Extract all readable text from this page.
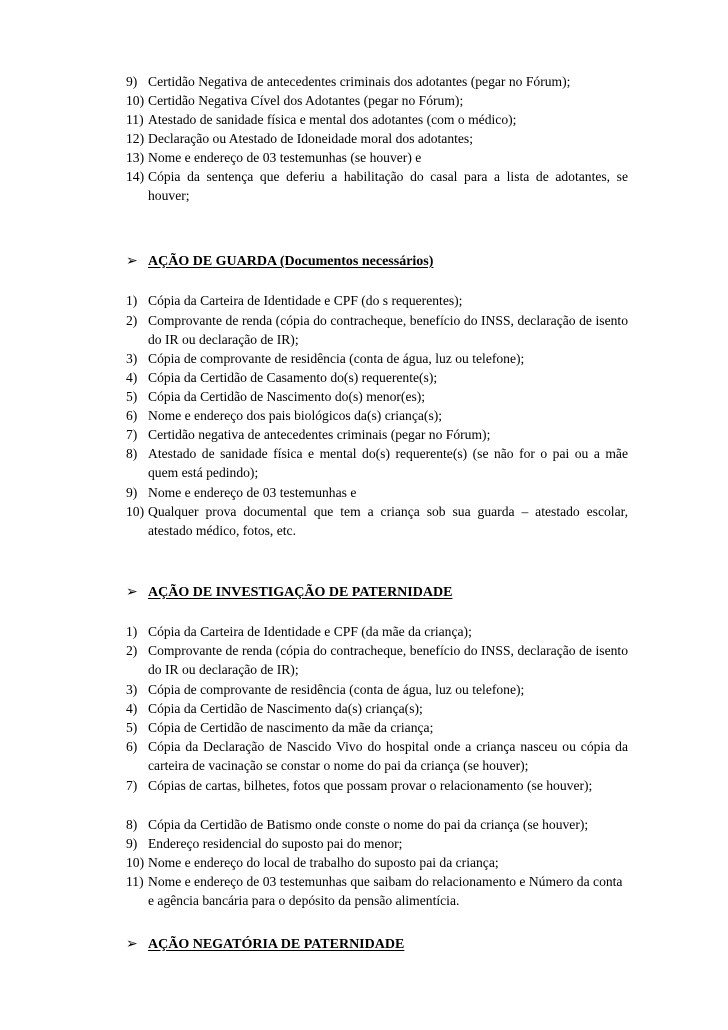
9) Certidão Negativa de antecedentes criminais dos adotantes (pegar no Fórum);
10) Certidão Negativa Cível dos Adotantes (pegar no Fórum);
11) Atestado de sanidade física e mental dos adotantes (com o médico);
12) Declaração ou Atestado de Idoneidade moral dos adotantes;
13) Nome e endereço de 03 testemunhas (se houver) e
14) Cópia da sentença que deferiu a habilitação do casal para a lista de adotantes, se houver;
➢ AÇÃO DE GUARDA (Documentos necessários)
1) Cópia da Carteira de Identidade e CPF (do s requerentes);
2) Comprovante de renda (cópia do contracheque, benefício do INSS, declaração de isento do IR ou declaração de IR);
3) Cópia de comprovante de residência (conta de água, luz ou telefone);
4) Cópia da Certidão de Casamento do(s) requerente(s);
5) Cópia da Certidão de Nascimento do(s) menor(es);
6) Nome e endereço dos pais biológicos da(s) criança(s);
7) Certidão negativa de antecedentes criminais (pegar no Fórum);
8) Atestado de sanidade física e mental do(s) requerente(s) (se não for o pai ou a mãe quem está pedindo);
9) Nome e endereço de 03 testemunhas e
10) Qualquer prova documental que tem a criança sob sua guarda – atestado escolar, atestado médico, fotos, etc.
➢ AÇÃO DE INVESTIGAÇÃO DE PATERNIDADE
1) Cópia da Carteira de Identidade e CPF (da mãe da criança);
2) Comprovante de renda (cópia do contracheque, benefício do INSS, declaração de isento do IR ou declaração de IR);
3) Cópia de comprovante de residência (conta de água, luz ou telefone);
4) Cópia da Certidão de Nascimento da(s) criança(s);
5) Cópia de Certidão de nascimento da mãe da criança;
6) Cópia da Declaração de Nascido Vivo do hospital onde a criança nasceu ou cópia da carteira de vacinação se constar o nome do pai da criança (se houver);
7) Cópias de cartas, bilhetes, fotos que possam provar o relacionamento (se houver);
8) Cópia da Certidão de Batismo onde conste o nome do pai da criança (se houver);
9) Endereço residencial do suposto pai do menor;
10) Nome e endereço do local de trabalho do suposto pai da criança;
11) Nome e endereço de 03 testemunhas que saibam do relacionamento e Número da conta e agência bancária para o depósito da pensão alimentícia.
➢ AÇÃO NEGATÓRIA DE PATERNIDADE
